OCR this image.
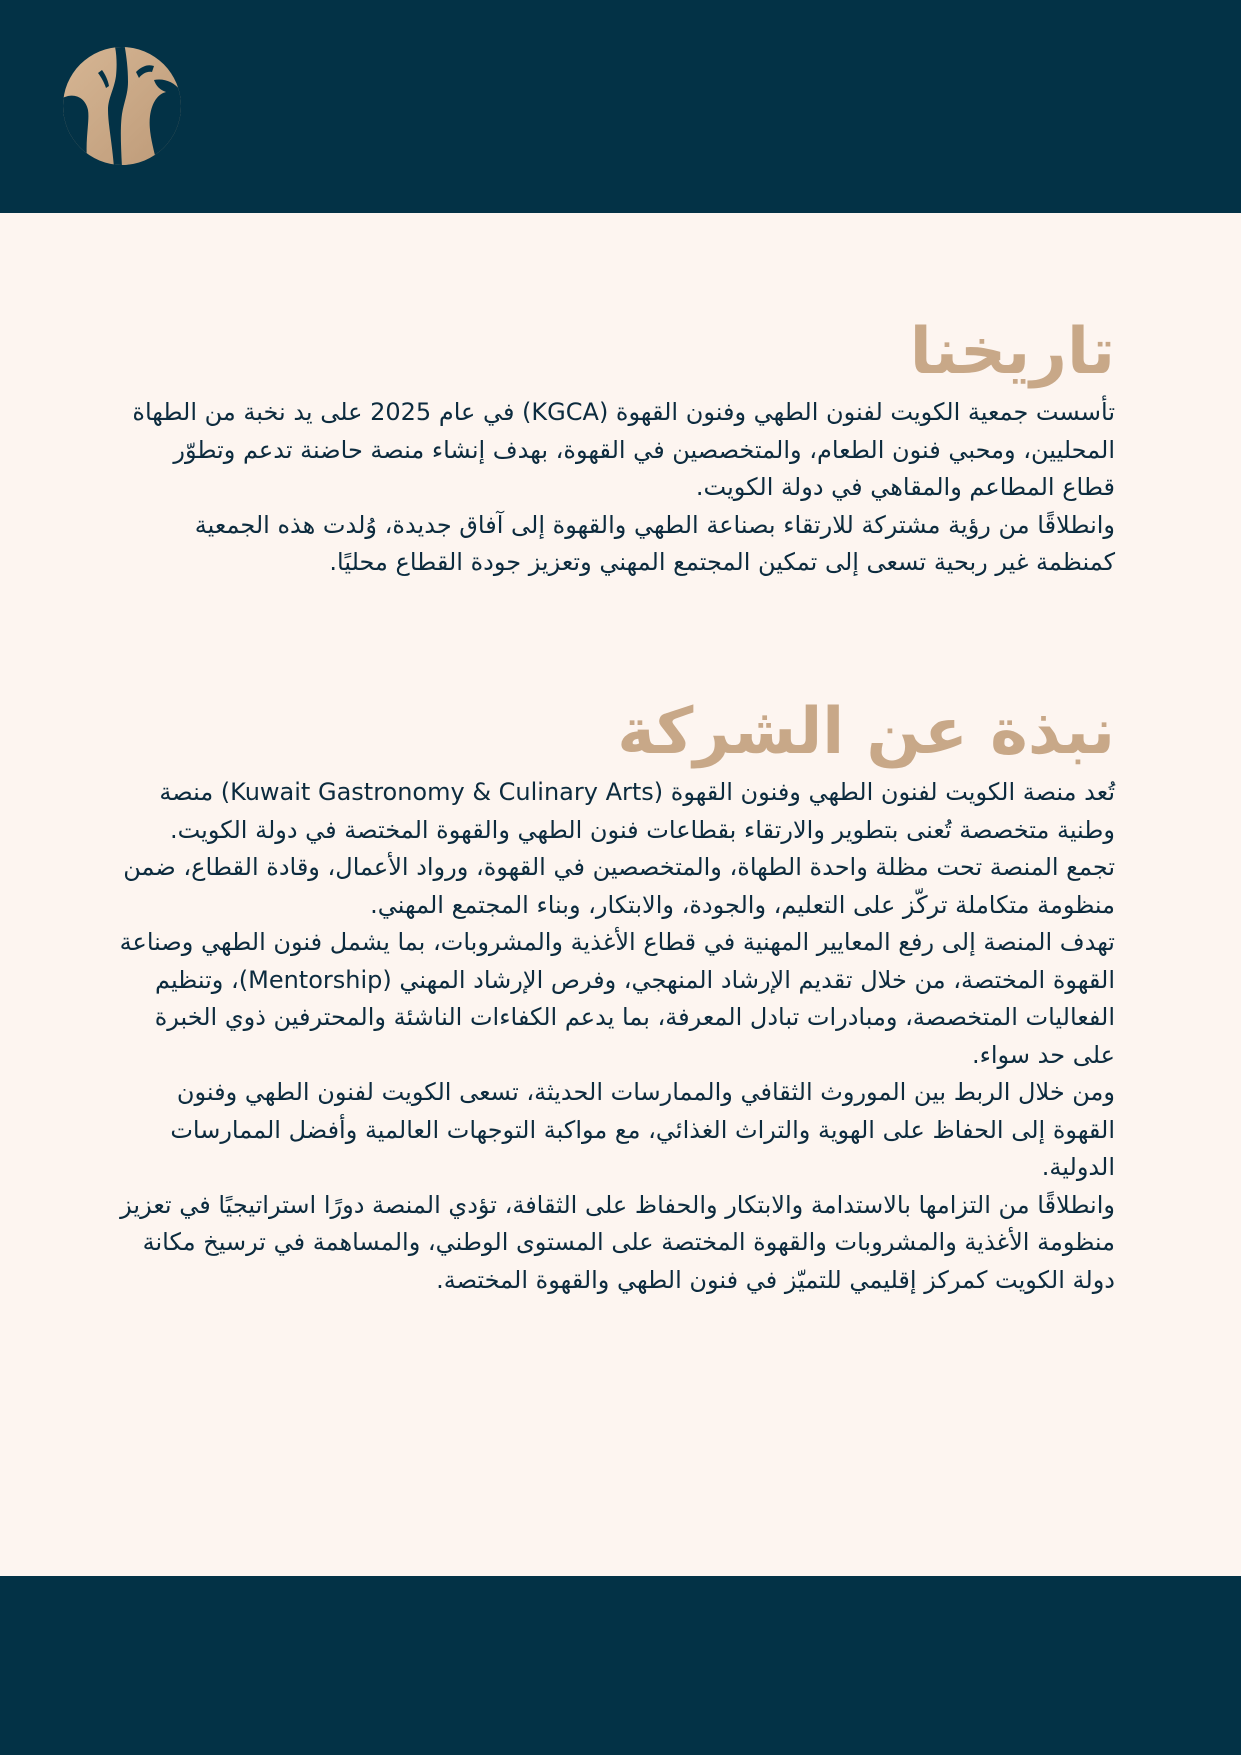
تاريخنا

تأسست جمعية الكويت لفنون الطهي وفنون القهوة (KGCA) في عام 2025 على يد نخبة من الطهاة المحليين، ومحبي فنون الطعام، والمتخصصين في القهوة، بهدف إنشاء منصة حاضنة تدعم وتطوّر قطاع المطاعم والمقاهي في دولة الكويت.

وانطلاقًا من رؤية مشتركة للارتقاء بصناعة الطهي والقهوة إلى آفاق جديدة، وُلدت هذه الجمعية كمنظمة غير ربحية تسعى إلى تمكين المجتمع المهني وتعزيز جودة القطاع محليًا.

نبذة عن الشركة

تُعد منصة الكويت لفنون الطهي وفنون القهوة (Kuwait Gastronomy & Culinary Arts) منصة وطنية متخصصة تُعنى بتطوير والارتقاء بقطاعات فنون الطهي والقهوة المختصة في دولة الكويت. تجمع المنصة تحت مظلة واحدة الطهاة، والمتخصصين في القهوة، ورواد الأعمال، وقادة القطاع، ضمن منظومة متكاملة تركّز على التعليم، والجودة، والابتكار، وبناء المجتمع المهني.

تهدف المنصة إلى رفع المعايير المهنية في قطاع الأغذية والمشروبات، بما يشمل فنون الطهي وصناعة القهوة المختصة، من خلال تقديم الإرشاد المنهجي، وفرص الإرشاد المهني (Mentorship)، وتنظيم الفعاليات المتخصصة، ومبادرات تبادل المعرفة، بما يدعم الكفاءات الناشئة والمحترفين ذوي الخبرة على حد سواء.

ومن خلال الربط بين الموروث الثقافي والممارسات الحديثة، تسعى الكويت لفنون الطهي وفنون القهوة إلى الحفاظ على الهوية والتراث الغذائي، مع مواكبة التوجهات العالمية وأفضل الممارسات الدولية.

وانطلاقًا من التزامها بالاستدامة والابتكار والحفاظ على الثقافة، تؤدي المنصة دورًا استراتيجيًا في تعزيز منظومة الأغذية والمشروبات والقهوة المختصة على المستوى الوطني، والمساهمة في ترسيخ مكانة دولة الكويت كمركز إقليمي للتميّز في فنون الطهي والقهوة المختصة.
